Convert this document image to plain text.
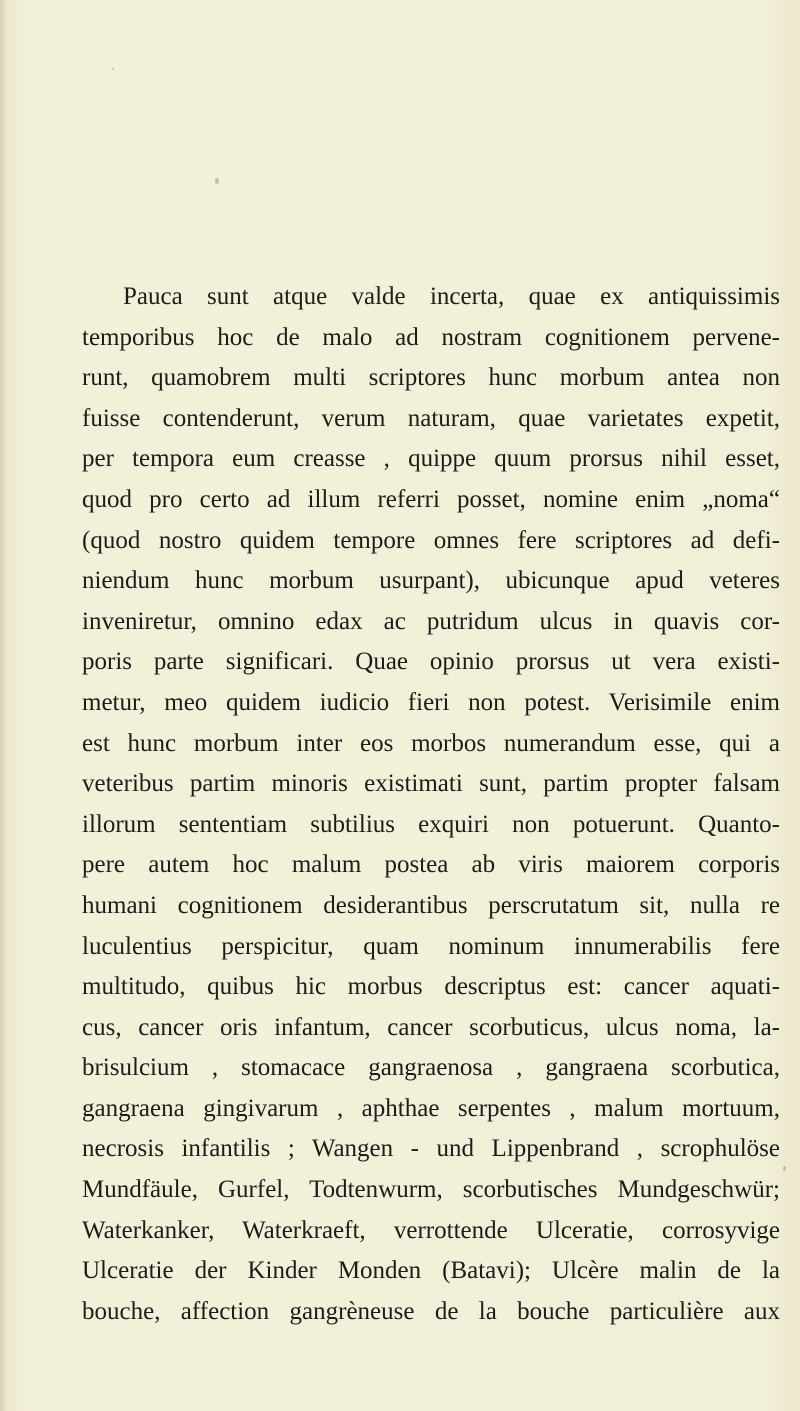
Pauca sunt atque valde incerta, quae ex antiquissimis
temporibus hoc de malo ad nostram cognitionem pervene-
runt, quamobrem multi scriptores hunc morbum antea non
fuisse contenderunt, verum naturam, quae varietates expetit,
per tempora eum creasse , quippe quum prorsus nihil esset,
quod pro certo ad illum referri posset, nomine enim „noma“
(quod nostro quidem tempore omnes fere scriptores ad defi-
niendum hunc morbum usurpant), ubicunque apud veteres
inveniretur, omnino edax ac putridum ulcus in quavis cor-
poris parte significari. Quae opinio prorsus ut vera existi-
metur, meo quidem iudicio fieri non potest. Verisimile enim
est hunc morbum inter eos morbos numerandum esse, qui a
veteribus partim minoris existimati sunt, partim propter falsam
illorum sententiam subtilius exquiri non potuerunt. Quanto-
pere autem hoc malum postea ab viris maiorem corporis
humani cognitionem desiderantibus perscrutatum sit, nulla re
luculentius perspicitur, quam nominum innumerabilis fere
multitudo, quibus hic morbus descriptus est: cancer aquati-
cus, cancer oris infantum, cancer scorbuticus, ulcus noma, la-
brisulcium , stomacace gangraenosa , gangraena scorbutica,
gangraena gingivarum , aphthae serpentes , malum mortuum,
necrosis infantilis ; Wangen - und Lippenbrand , scrophulöse
Mundfäule, Gurfel, Todtenwurm, scorbutisches Mundgeschwür;
Waterkanker, Waterkraeft, verrottende Ulceratie, corrosyvige
Ulceratie der Kinder Monden (Batavi); Ulcère malin de la
bouche, affection gangrèneuse de la bouche particulière aux
